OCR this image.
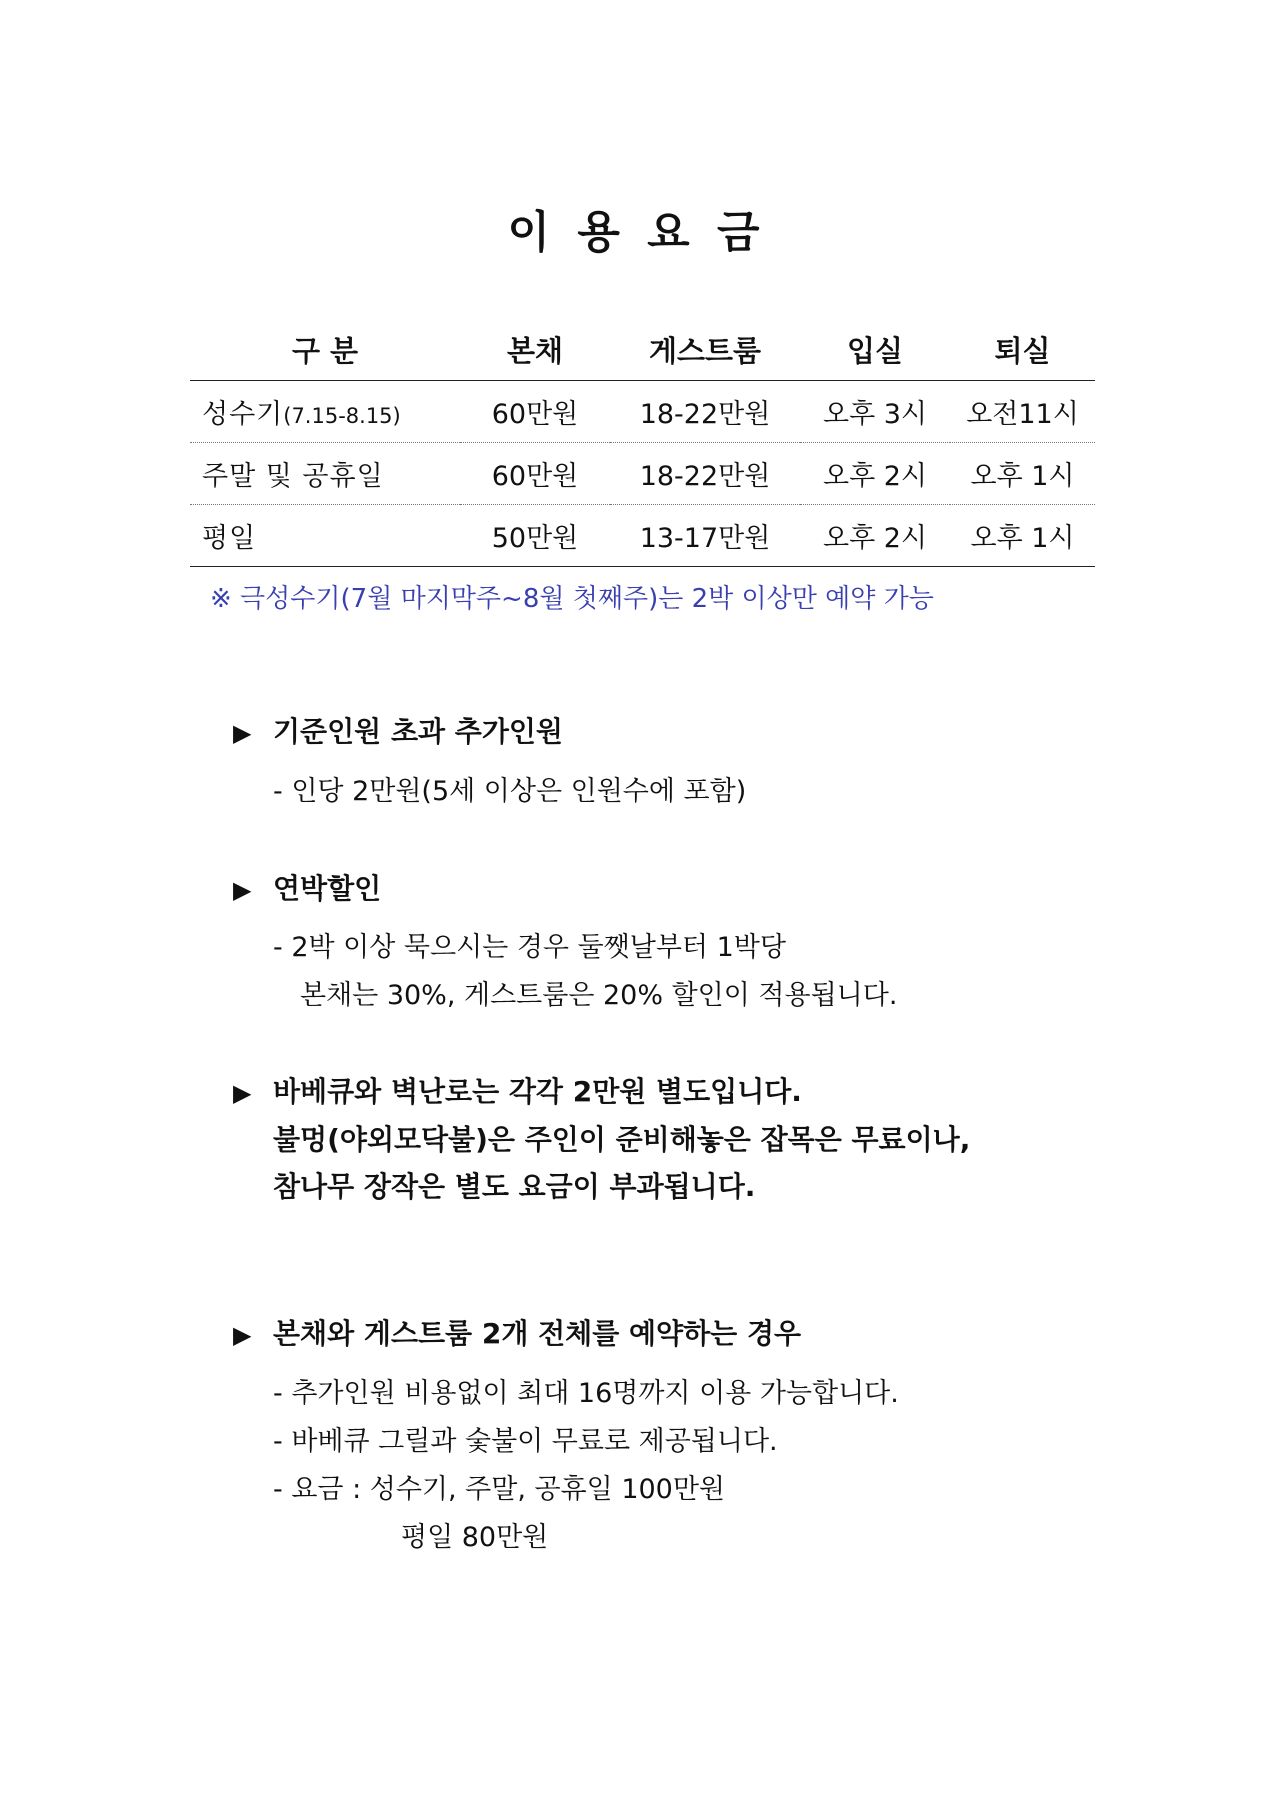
이 용 요 금
구 분	본채	게스트룸	입실	퇴실
성수기(7.15-8.15)	60만원	18-22만원	오후 3시	오전11시
주말 및 공휴일	60만원	18-22만원	오후 2시	오후 1시
평일	50만원	13-17만원	오후 2시	오후 1시
※ 극성수기(7월 마지막주~8월 첫째주)는 2박 이상만 예약 가능
▶ 기준인원 초과 추가인원
- 인당 2만원(5세 이상은 인원수에 포함)
▶ 연박할인
- 2박 이상 묵으시는 경우 둘쨋날부터 1박당
본채는 30%, 게스트룸은 20% 할인이 적용됩니다.
▶ 바베큐와 벽난로는 각각 2만원 별도입니다.
불멍(야외모닥불)은 주인이 준비해놓은 잡목은 무료이나,
참나무 장작은 별도 요금이 부과됩니다.
▶ 본채와 게스트룸 2개 전체를 예약하는 경우
- 추가인원 비용없이 최대 16명까지 이용 가능합니다.
- 바베큐 그릴과 숯불이 무료로 제공됩니다.
- 요금 : 성수기, 주말, 공휴일 100만원
평일 80만원
